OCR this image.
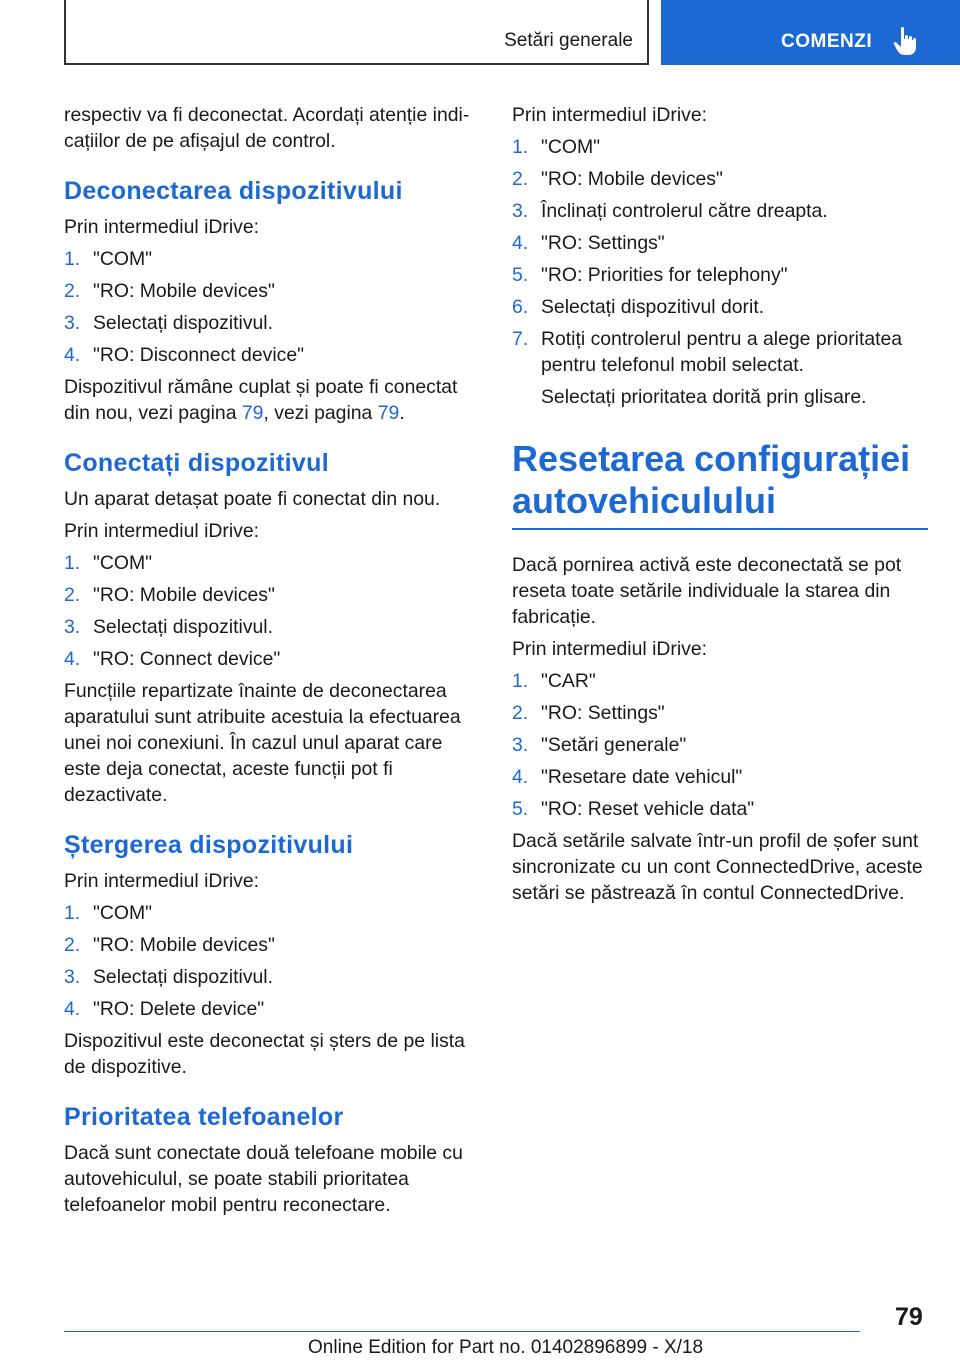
Setări generale	COMENZI

respectiv va fi deconectat. Acordați atenție indicațiilor de pe afișajul de control.

Deconectarea dispozitivului

Prin intermediul iDrive:

1. "COM"
2. "RO: Mobile devices"
3. Selectați dispozitivul.
4. "RO: Disconnect device"

Dispozitivul rămâne cuplat și poate fi conectat din nou, vezi pagina 79, vezi pagina 79.

Conectați dispozitivul

Un aparat detașat poate fi conectat din nou.

Prin intermediul iDrive:

1. "COM"
2. "RO: Mobile devices"
3. Selectați dispozitivul.
4. "RO: Connect device"

Funcțiile repartizate înainte de deconectarea aparatului sunt atribuite acestuia la efectuarea unei noi conexiuni. În cazul unul aparat care este deja conectat, aceste funcții pot fi dezactivate.

Ștergerea dispozitivului

Prin intermediul iDrive:

1. "COM"
2. "RO: Mobile devices"
3. Selectați dispozitivul.
4. "RO: Delete device"

Dispozitivul este deconectat și șters de pe lista de dispozitive.

Prioritatea telefoanelor

Dacă sunt conectate două telefoane mobile cu autovehiculul, se poate stabili prioritatea telefoanelor mobil pentru reconectare.

Prin intermediul iDrive:

1. "COM"
2. "RO: Mobile devices"
3. Înclinați controlerul către dreapta.
4. "RO: Settings"
5. "RO: Priorities for telephony"
6. Selectați dispozitivul dorit.
7. Rotiți controlerul pentru a alege prioritatea pentru telefonul mobil selectat.

Selectați prioritatea dorită prin glisare.

Resetarea configurației autovehiculului

Dacă pornirea activă este deconectată se pot reseta toate setările individuale la starea din fabricație.

Prin intermediul iDrive:

1. "CAR"
2. "RO: Settings"
3. "Setări generale"
4. "Resetare date vehicul"
5. "RO: Reset vehicle data"

Dacă setările salvate într-un profil de șofer sunt sincronizate cu un cont ConnectedDrive, aceste setări se păstrează în contul ConnectedDrive.

79
Online Edition for Part no. 01402896899 - X/18
